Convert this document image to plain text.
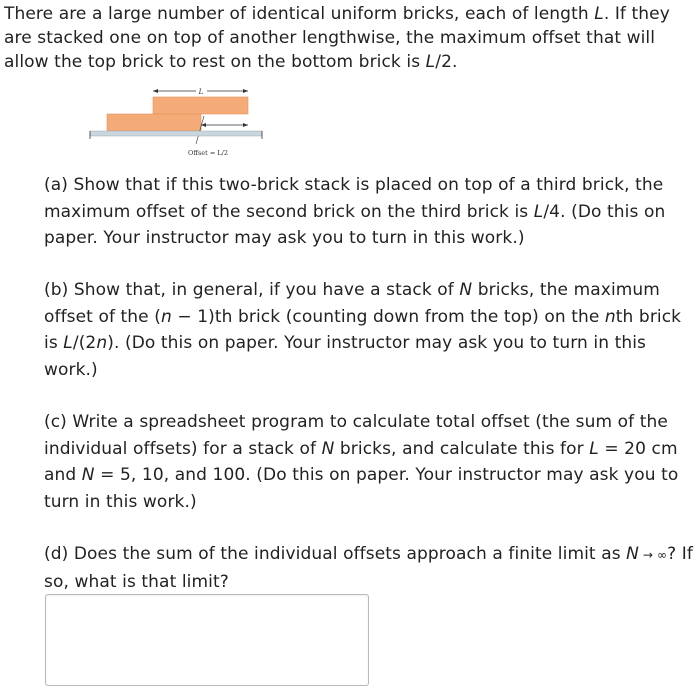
There are a large number of identical uniform bricks, each of length L. If they are stacked one on top of another lengthwise, the maximum offset that will allow the top brick to rest on the bottom brick is L/2.
L
Offset = L/2
(a) Show that if this two-brick stack is placed on top of a third brick, the maximum offset of the second brick on the third brick is L/4. (Do this on paper. Your instructor may ask you to turn in this work.)
(b) Show that, in general, if you have a stack of N bricks, the maximum offset of the (n − 1)th brick (counting down from the top) on the nth brick is L/(2n). (Do this on paper. Your instructor may ask you to turn in this work.)
(c) Write a spreadsheet program to calculate total offset (the sum of the individual offsets) for a stack of N bricks, and calculate this for L = 20 cm and N = 5, 10, and 100. (Do this on paper. Your instructor may ask you to turn in this work.)
(d) Does the sum of the individual offsets approach a finite limit as N → ∞? If so, what is that limit?
